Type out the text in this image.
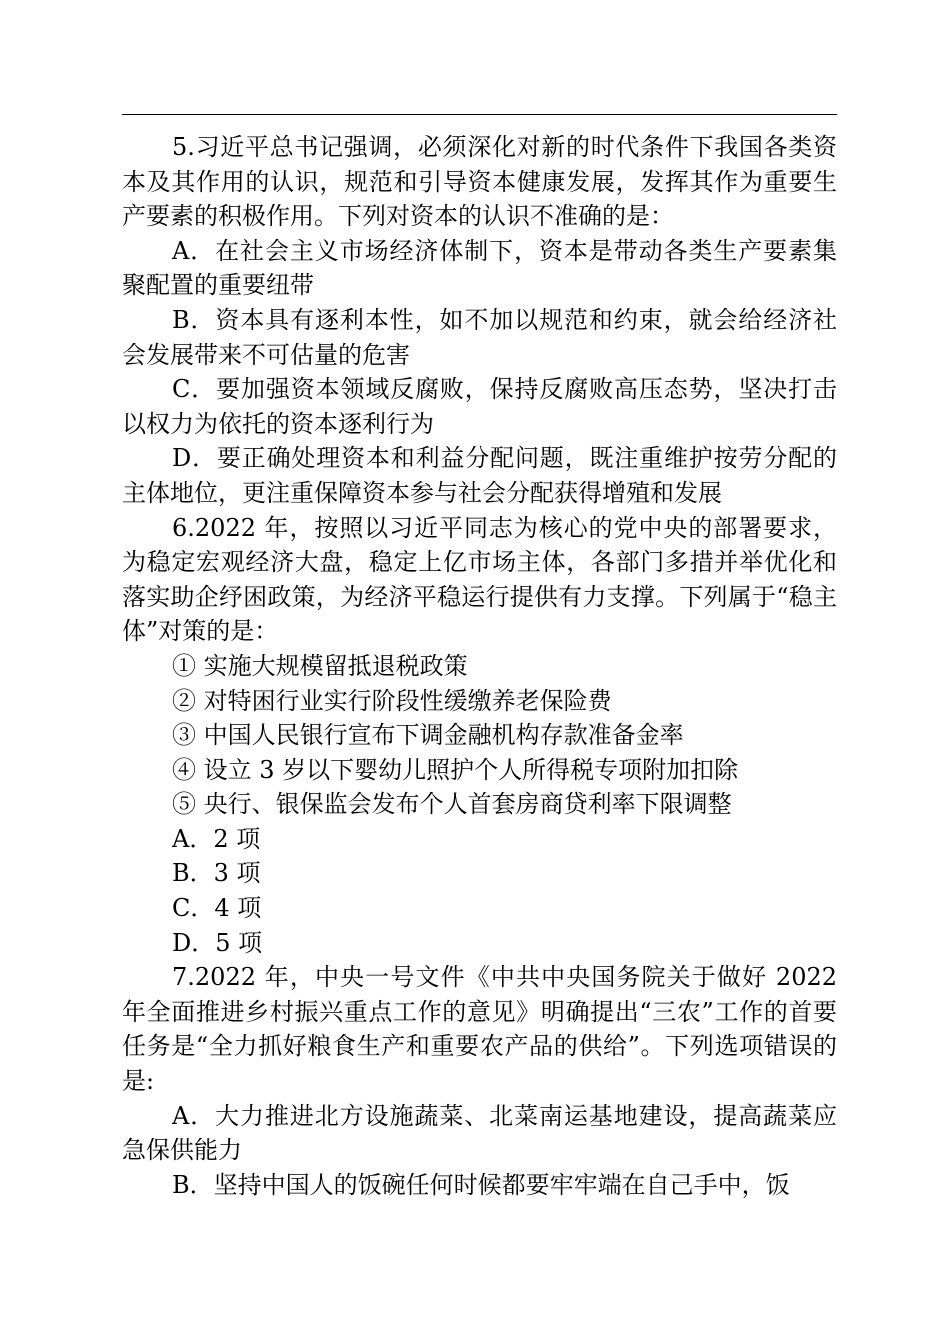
5.习近平总书记强调，必须深化对新的时代条件下我国各类资本及其作用的认识，规范和引导资本健康发展，发挥其作为重要生产要素的积极作用。下列对资本的认识不准确的是：

A．在社会主义市场经济体制下，资本是带动各类生产要素集聚配置的重要纽带

B．资本具有逐利本性，如不加以规范和约束，就会给经济社会发展带来不可估量的危害

C．要加强资本领域反腐败，保持反腐败高压态势，坚决打击以权力为依托的资本逐利行为

D．要正确处理资本和利益分配问题，既注重维护按劳分配的主体地位，更注重保障资本参与社会分配获得增殖和发展

6.2022 年，按照以习近平同志为核心的党中央的部署要求，为稳定宏观经济大盘，稳定上亿市场主体，各部门多措并举优化和落实助企纾困政策，为经济平稳运行提供有力支撑。下列属于“稳主体”对策的是：

① 实施大规模留抵退税政策

② 对特困行业实行阶段性缓缴养老保险费

③ 中国人民银行宣布下调金融机构存款准备金率

④ 设立 3 岁以下婴幼儿照护个人所得税专项附加扣除

⑤ 央行、银保监会发布个人首套房商贷利率下限调整

A．2 项

B．3 项

C．4 项

D．5 项

7.2022 年，中央一号文件《中共中央国务院关于做好 2022 年全面推进乡村振兴重点工作的意见》明确提出“三农”工作的首要任务是“全力抓好粮食生产和重要农产品的供给”。下列选项错误的是:

A．大力推进北方设施蔬菜、北菜南运基地建设，提高蔬菜应急保供能力

B．坚持中国人的饭碗任何时候都要牢牢端在自己手中，饭
